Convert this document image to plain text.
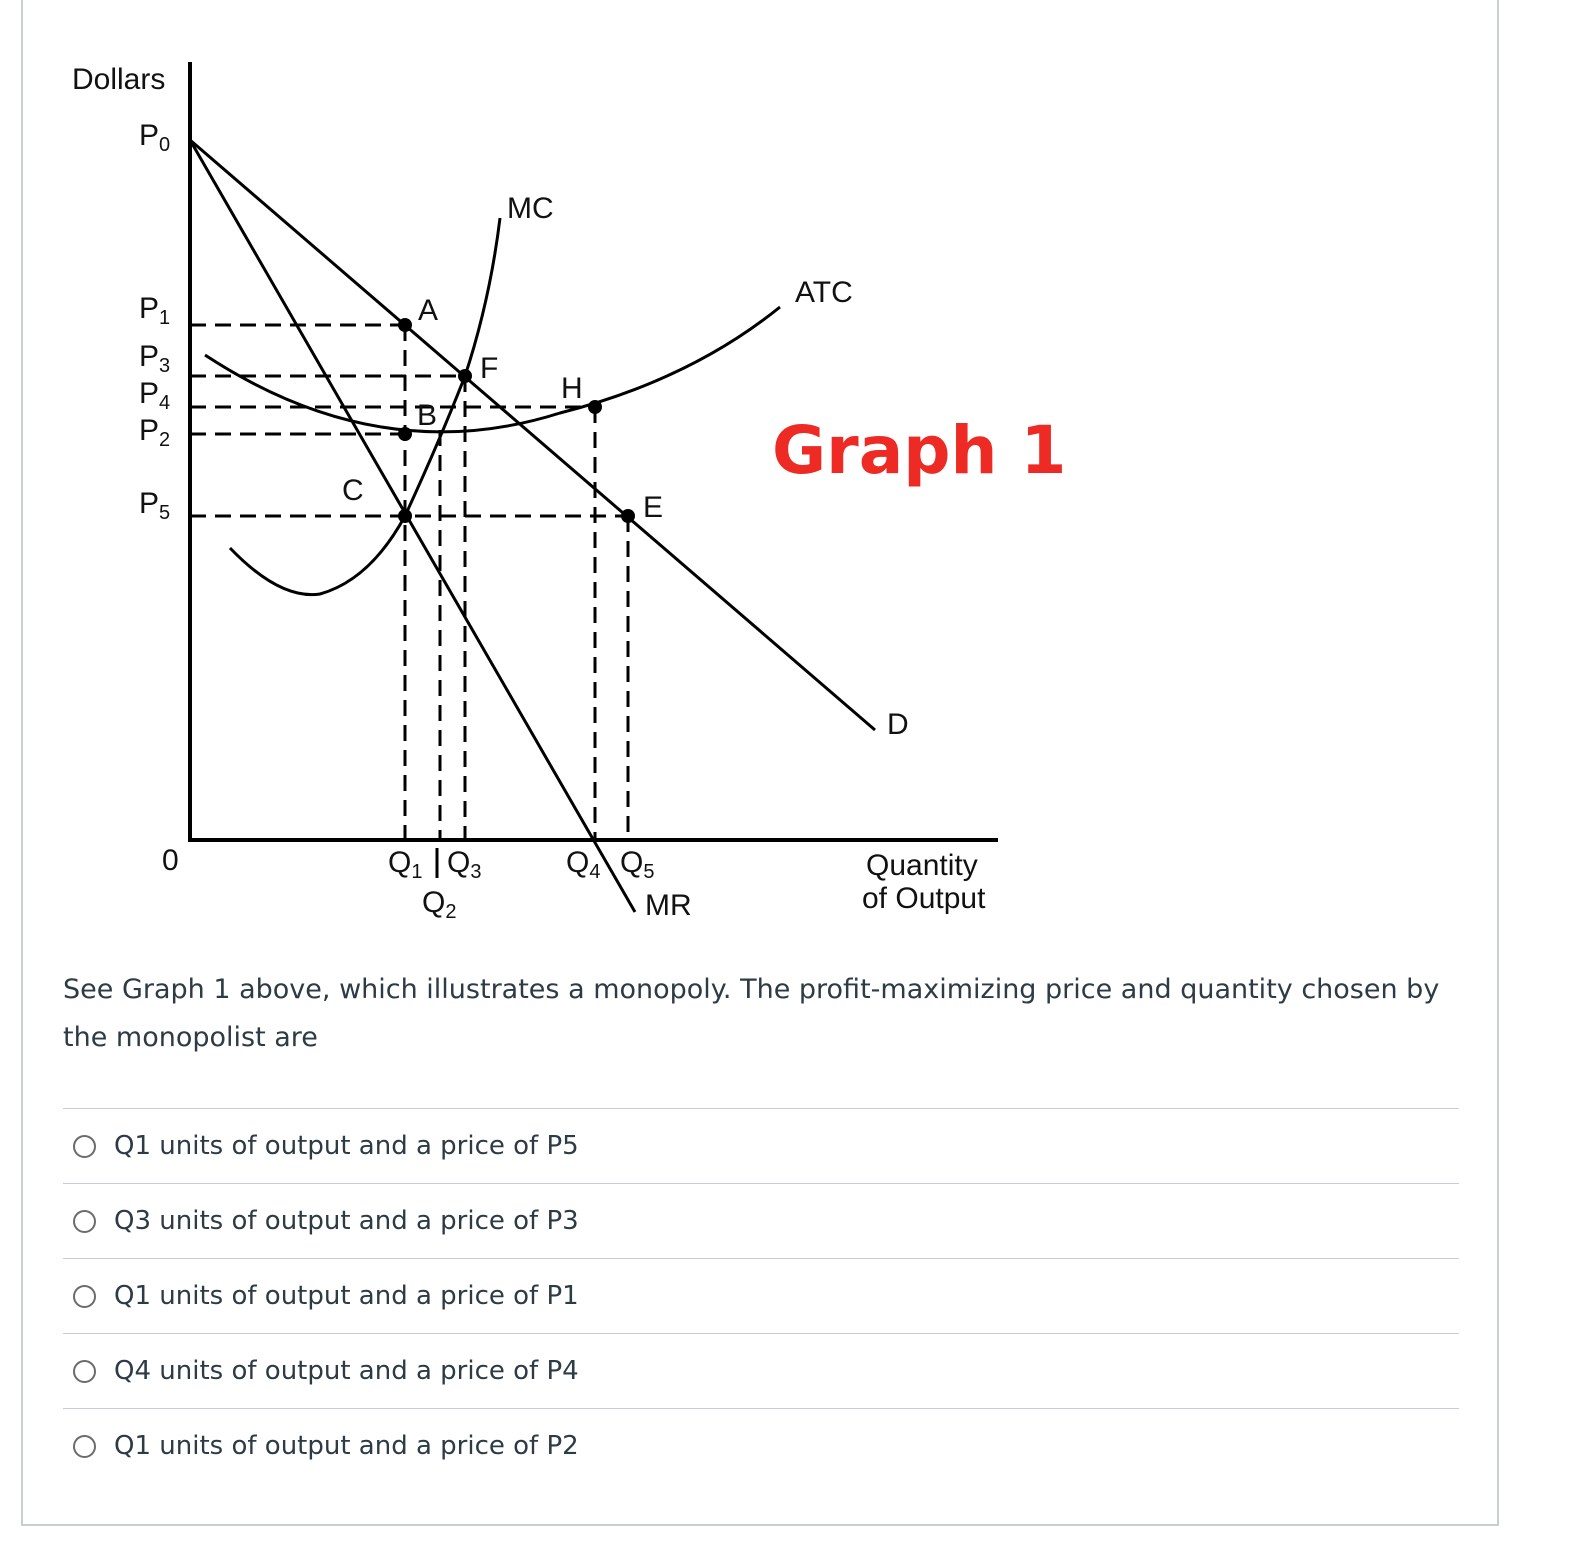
Dollars
0	Quantity
of Output
P0
P1
P3
P4
P2
P5
Q1 Q3
Q2
Q4 Q5
MC
ATC
D
MR
A
F
H
B
C
E
Graph 1

See Graph 1 above, which illustrates a monopoly. The profit-maximizing price and quantity chosen by the monopolist are

Q1 units of output and a price of P5
Q3 units of output and a price of P3
Q1 units of output and a price of P1
Q4 units of output and a price of P4
Q1 units of output and a price of P2
